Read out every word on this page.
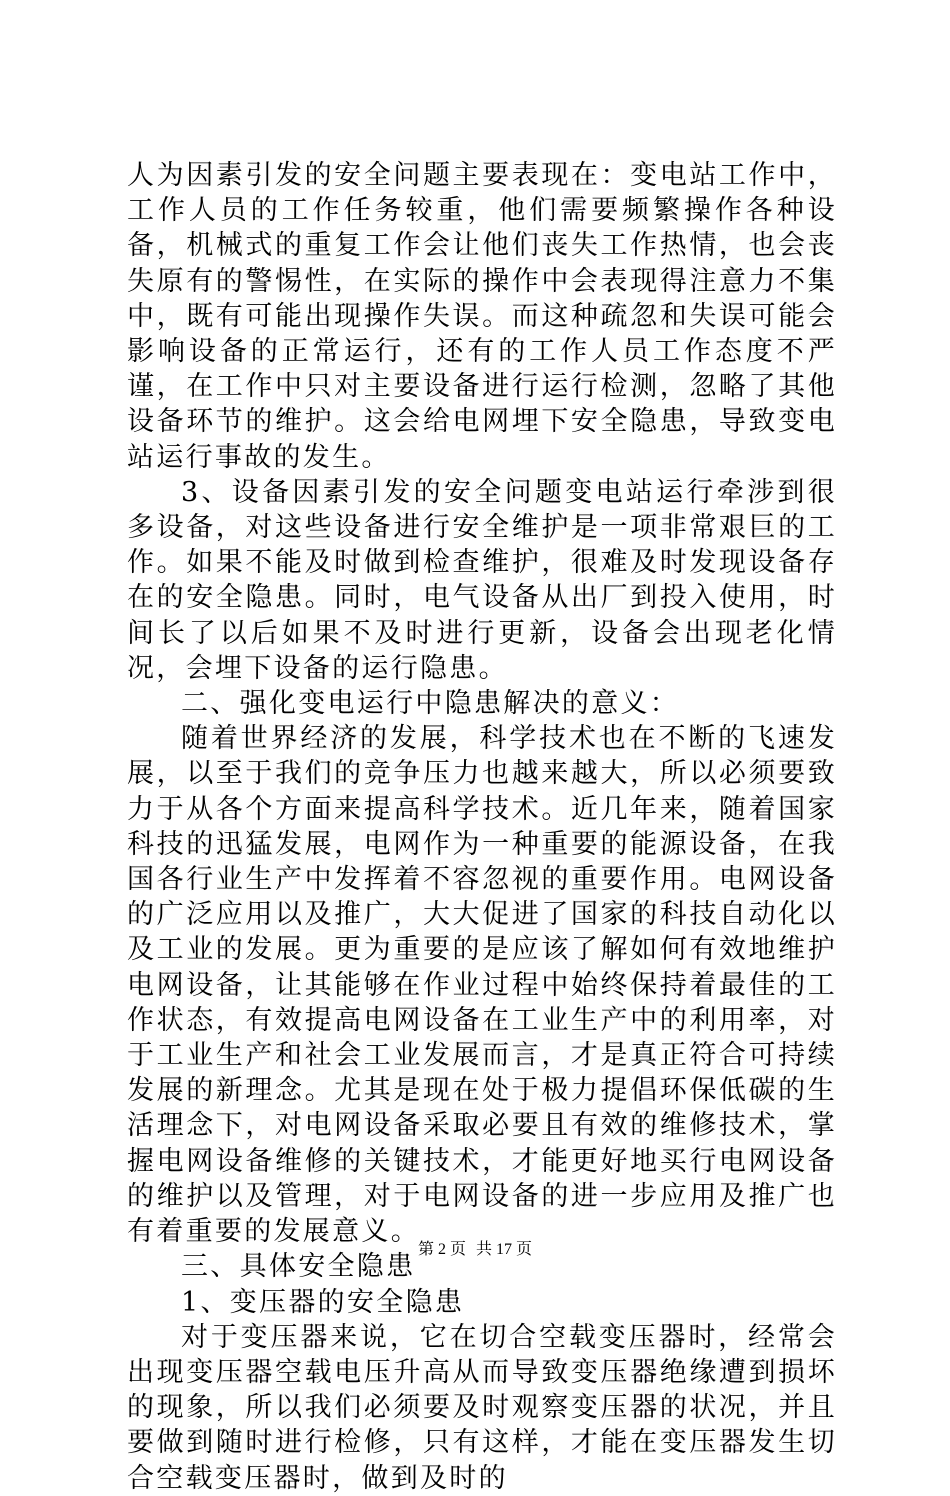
人为因素引发的安全问题主要表现在：变电站工作中，工作人员的工作任务较重，他们需要频繁操作各种设备，机械式的重复工作会让他们丧失工作热情，也会丧失原有的警惕性，在实际的操作中会表现得注意力不集中，既有可能出现操作失误。而这种疏忽和失误可能会影响设备的正常运行，还有的工作人员工作态度不严谨，在工作中只对主要设备进行运行检测，忽略了其他设备环节的维护。这会给电网埋下安全隐患，导致变电站运行事故的发生。

3、设备因素引发的安全问题变电站运行牵涉到很多设备，对这些设备进行安全维护是一项非常艰巨的工作。如果不能及时做到检查维护，很难及时发现设备存在的安全隐患。同时，电气设备从出厂到投入使用，时间长了以后如果不及时进行更新，设备会出现老化情况，会埋下设备的运行隐患。

二、强化变电运行中隐患解决的意义：

随着世界经济的发展，科学技术也在不断的飞速发展，以至于我们的竞争压力也越来越大，所以必须要致力于从各个方面来提高科学技术。近几年来，随着国家科技的迅猛发展，电网作为一种重要的能源设备，在我国各行业生产中发挥着不容忽视的重要作用。电网设备的广泛应用以及推广，大大促进了国家的科技自动化以及工业的发展。更为重要的是应该了解如何有效地维护电网设备，让其能够在作业过程中始终保持着最佳的工作状态，有效提高电网设备在工业生产中的利用率，对于工业生产和社会工业发展而言，才是真正符合可持续发展的新理念。尤其是现在处于极力提倡环保低碳的生活理念下，对电网设备采取必要且有效的维修技术，掌握电网设备维修的关键技术，才能更好地买行电网设备的维护以及管理，对于电网设备的进一步应用及推广也有着重要的发展意义。

三、具体安全隐患

1、变压器的安全隐患

对于变压器来说，它在切合空载变压器时，经常会出现变压器空载电压升高从而导致变压器绝缘遭到损坏的现象，所以我们必须要及时观察变压器的状况，并且要做到随时进行检修，只有这样，才能在变压器发生切合空载变压器时，做到及时的

第 2 页 共 17 页
